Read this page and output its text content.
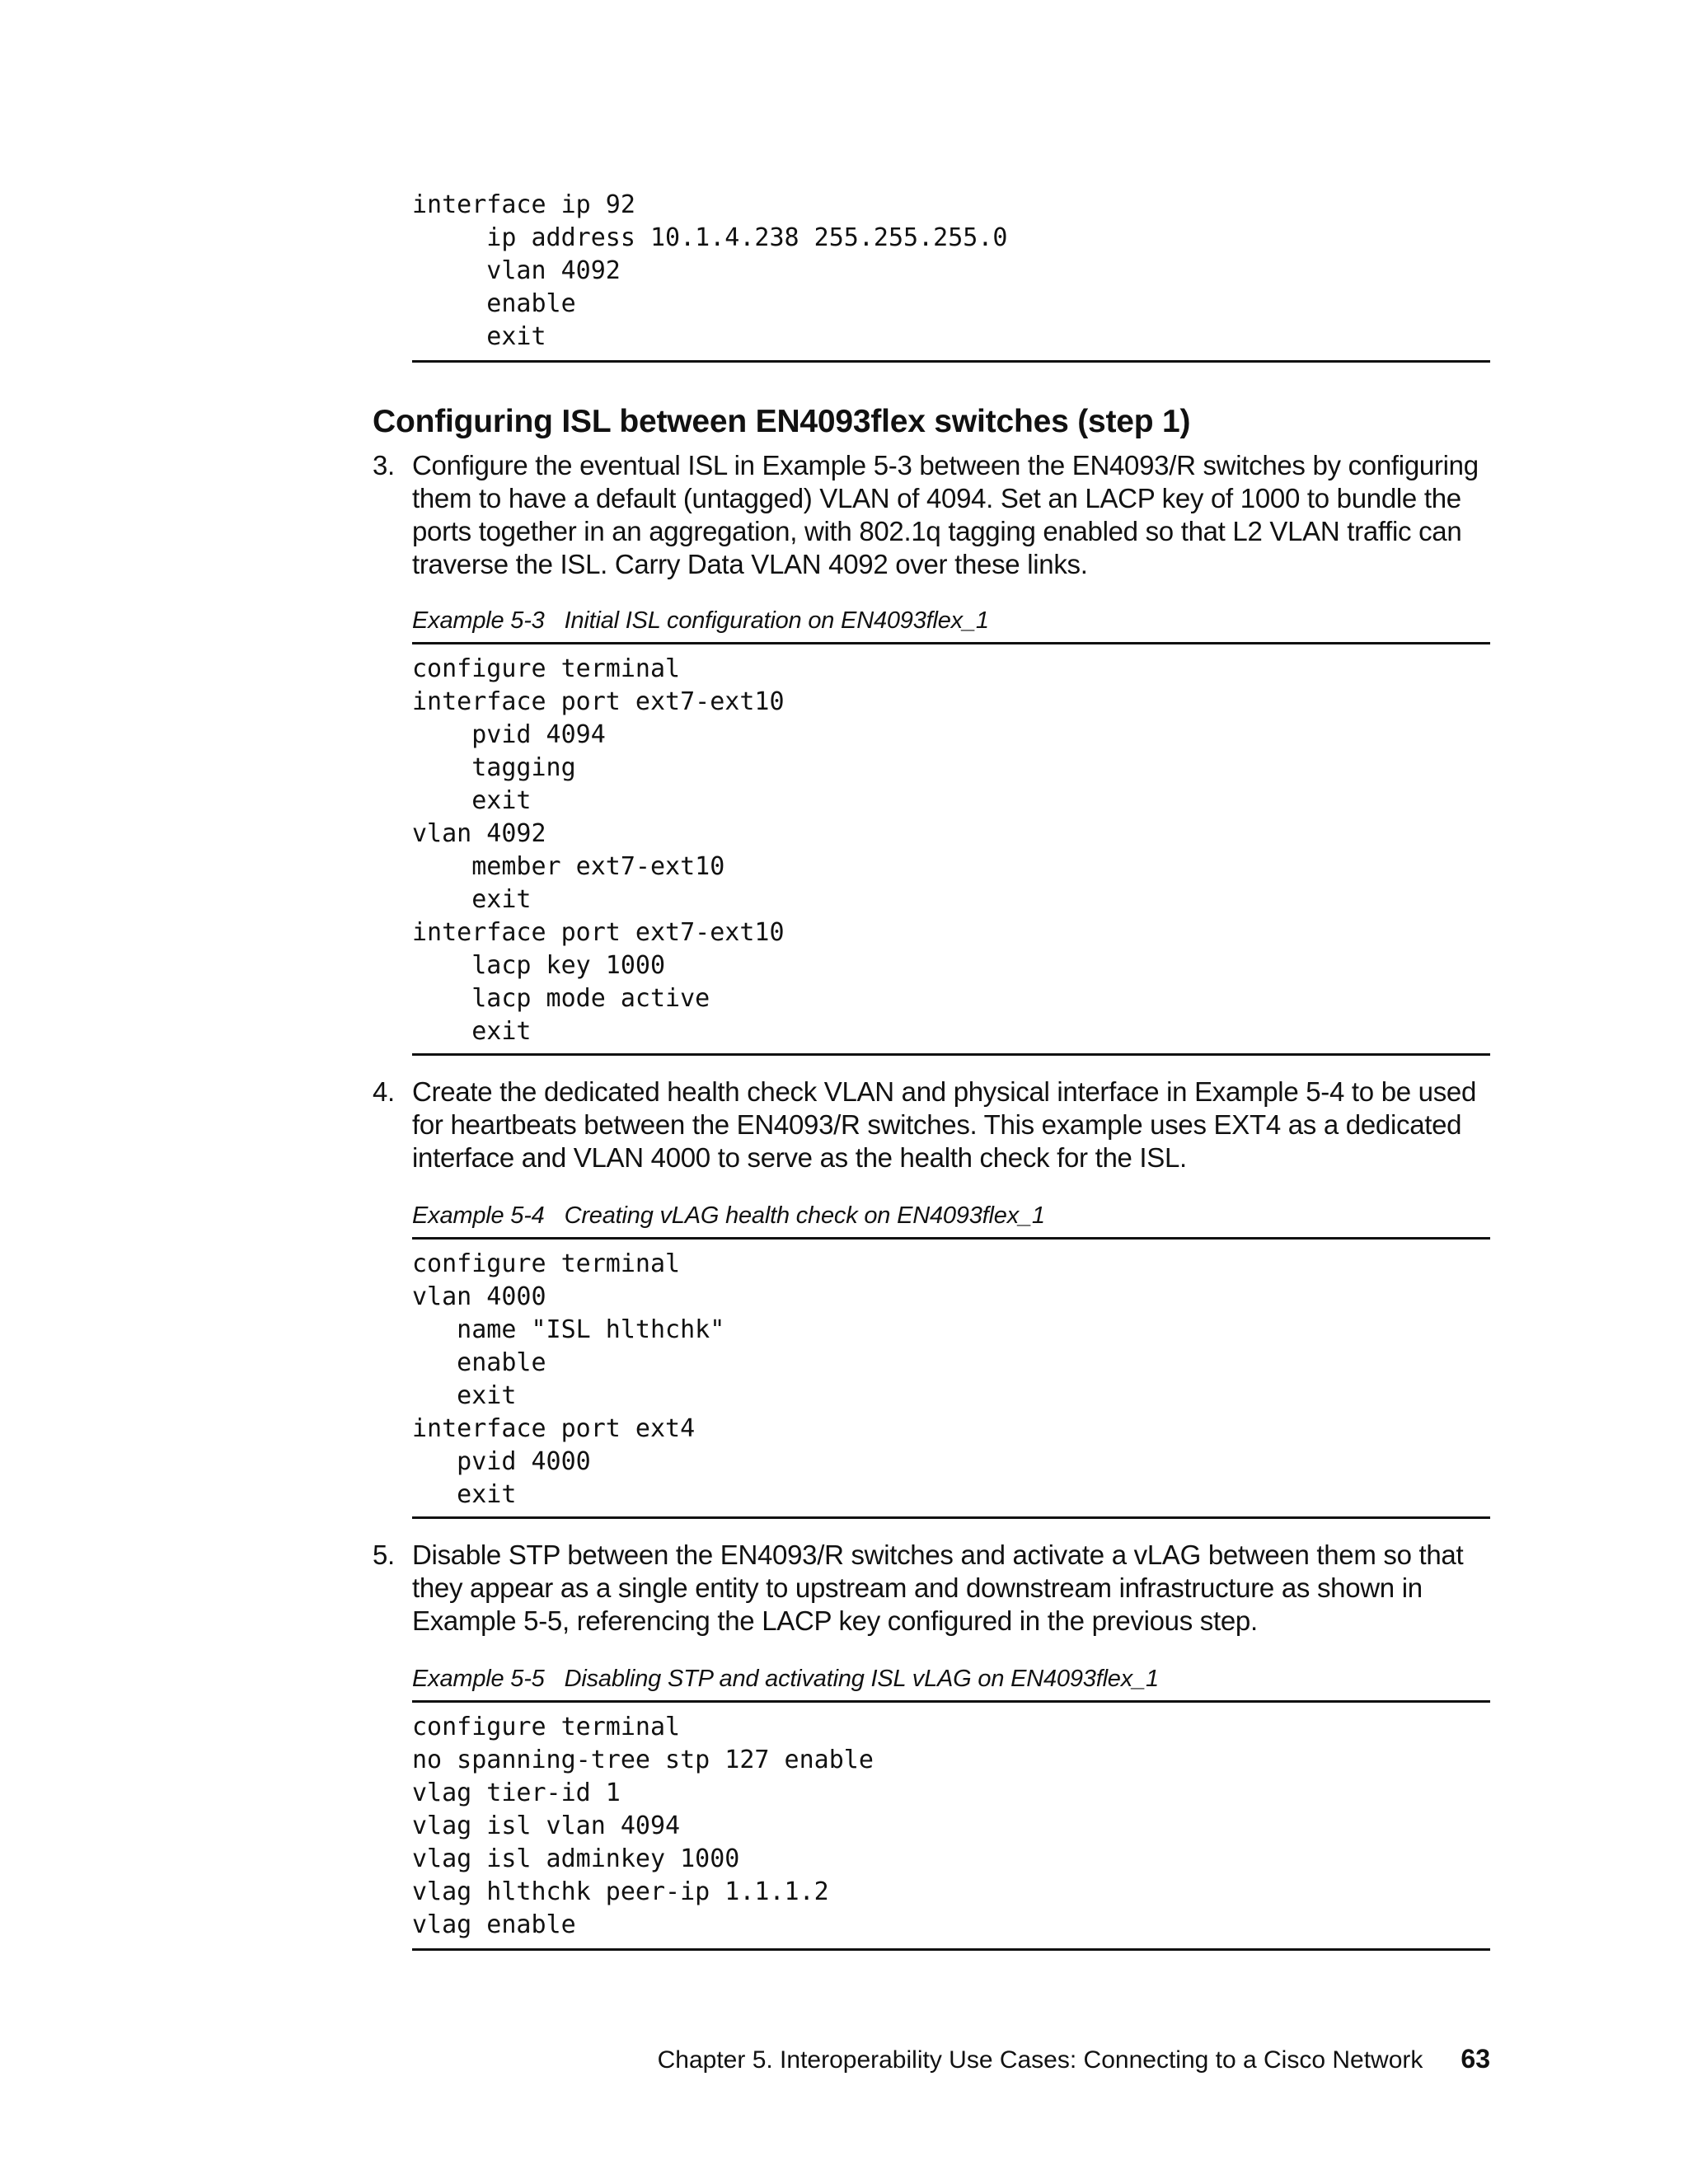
interface ip 92
ip address 10.1.4.238 255.255.255.0
vlan 4092
enable
exit
Configuring ISL between EN4093flex switches (step 1)
3. Configure the eventual ISL in Example 5-3 between the EN4093/R switches by configuring
them to have a default (untagged) VLAN of 4094. Set an LACP key of 1000 to bundle the
ports together in an aggregation, with 802.1q tagging enabled so that L2 VLAN traffic can
traverse the ISL. Carry Data VLAN 4092 over these links.
Example 5-3 Initial ISL configuration on EN4093flex_1
configure terminal
interface port ext7-ext10
pvid 4094
tagging
exit
vlan 4092
member ext7-ext10
exit
interface port ext7-ext10
lacp key 1000
lacp mode active
exit
4. Create the dedicated health check VLAN and physical interface in Example 5-4 to be used
for heartbeats between the EN4093/R switches. This example uses EXT4 as a dedicated
interface and VLAN 4000 to serve as the health check for the ISL.
Example 5-4 Creating vLAG health check on EN4093flex_1
configure terminal
vlan 4000
name "ISL hlthchk"
enable
exit
interface port ext4
pvid 4000
exit
5. Disable STP between the EN4093/R switches and activate a vLAG between them so that
they appear as a single entity to upstream and downstream infrastructure as shown in
Example 5-5, referencing the LACP key configured in the previous step.
Example 5-5 Disabling STP and activating ISL vLAG on EN4093flex_1
configure terminal
no spanning-tree stp 127 enable
vlag tier-id 1
vlag isl vlan 4094
vlag isl adminkey 1000
vlag hlthchk peer-ip 1.1.1.2
vlag enable
Chapter 5. Interoperability Use Cases: Connecting to a Cisco Network 63
